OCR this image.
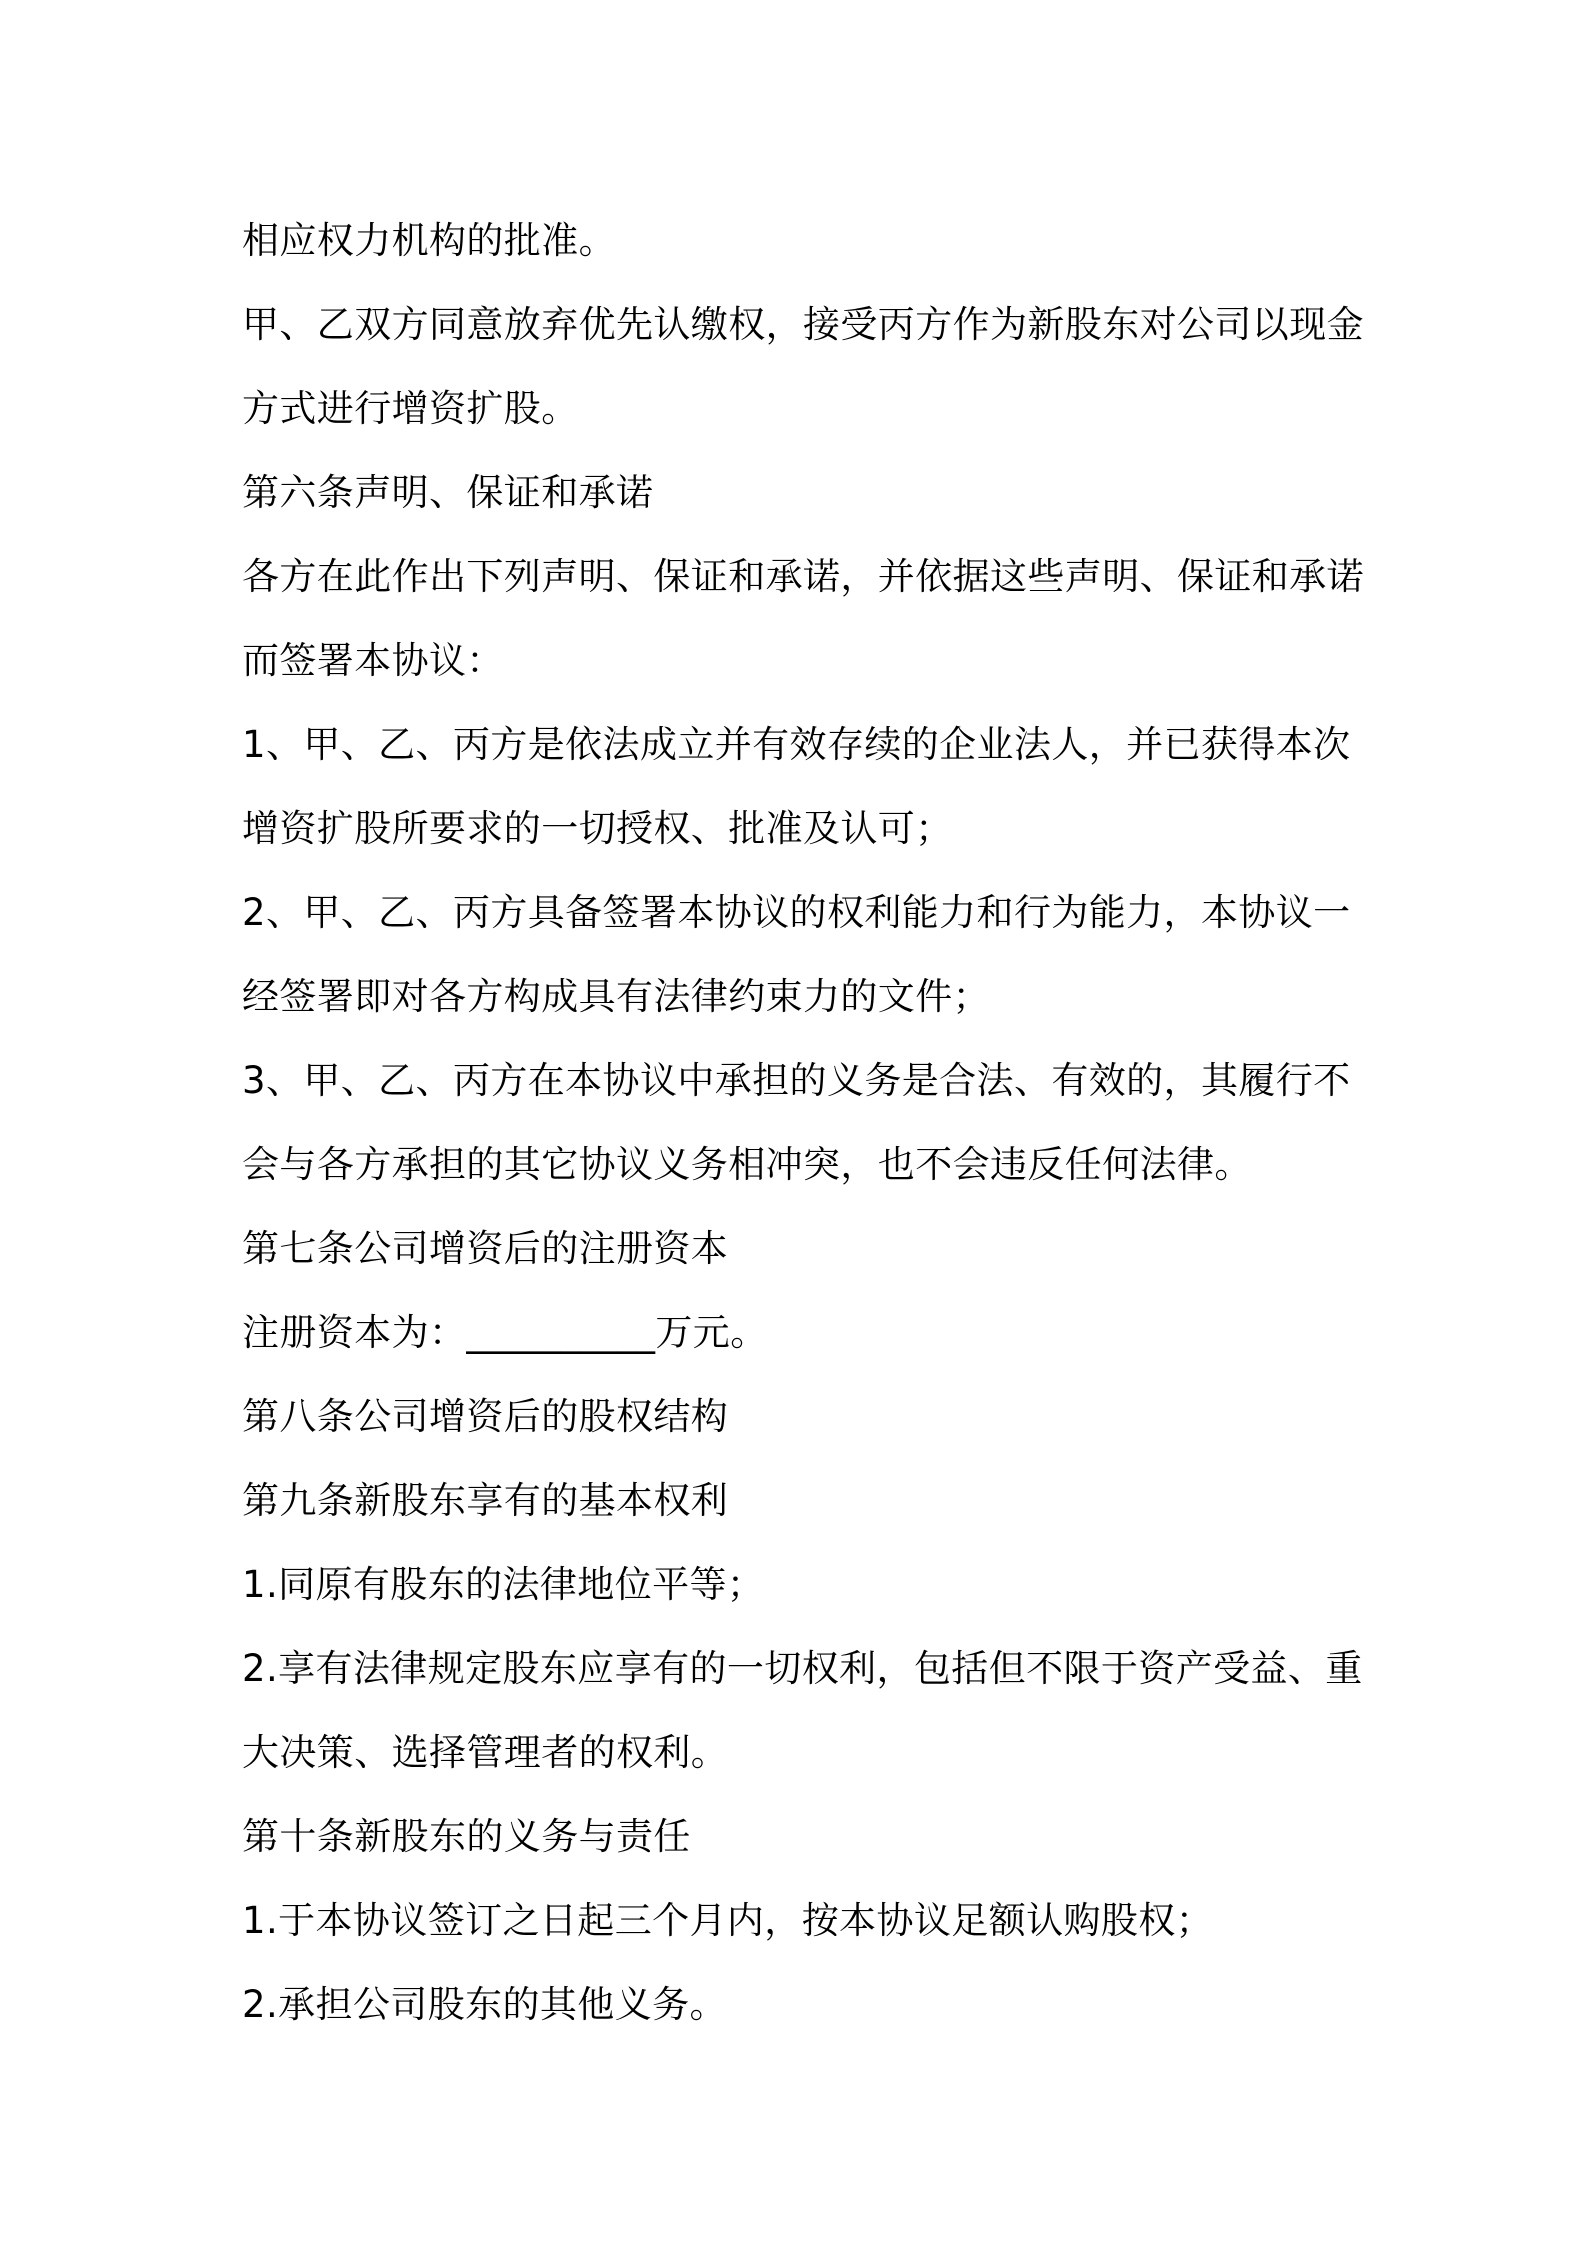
相应权力机构的批准。
甲、乙双方同意放弃优先认缴权，接受丙方作为新股东对公司以现金
方式进行增资扩股。
第六条声明、保证和承诺
各方在此作出下列声明、保证和承诺，并依据这些声明、保证和承诺
而签署本协议：
1、甲、乙、丙方是依法成立并有效存续的企业法人，并已获得本次
增资扩股所要求的一切授权、批准及认可；
2、甲、乙、丙方具备签署本协议的权利能力和行为能力，本协议一
经签署即对各方构成具有法律约束力的文件；
3、甲、乙、丙方在本协议中承担的义务是合法、有效的，其履行不
会与各方承担的其它协议义务相冲突，也不会违反任何法律。
第七条公司增资后的注册资本
注册资本为：__________万元。
第八条公司增资后的股权结构
第九条新股东享有的基本权利
1.同原有股东的法律地位平等；
2.享有法律规定股东应享有的一切权利，包括但不限于资产受益、重
大决策、选择管理者的权利。
第十条新股东的义务与责任
1.于本协议签订之日起三个月内，按本协议足额认购股权；
2.承担公司股东的其他义务。
